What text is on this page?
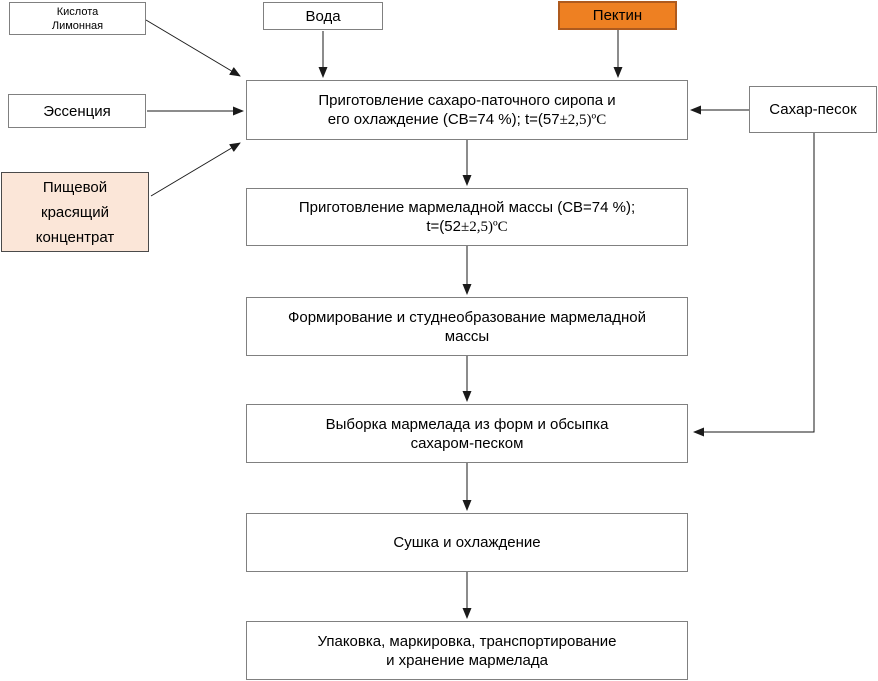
Кислота
Лимонная
Вода	Пектин
Эссенция
Пищевой
красящий
концентрат
Сахар-песок
Приготовление сахаро-паточного сиропа и
его охлаждение (СВ=74 %); t=(57±2,5)ºС
Приготовление мармеладной массы (СВ=74 %);
t=(52±2,5)ºС
Формирование и студнеобразование мармеладной
массы
Выборка мармелада из форм и обсыпка
сахаром-песком
Сушка и охлаждение
Упаковка, маркировка, транспортирование
и хранение мармелада
